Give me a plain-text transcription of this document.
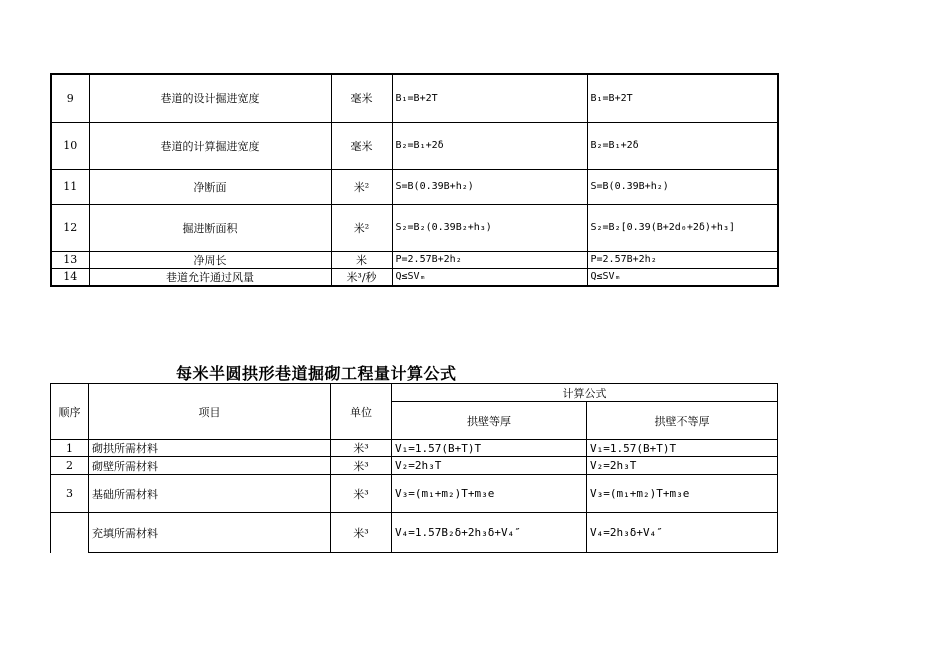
9	巷道的设计掘进宽度	毫米	B₁=B+2T	B₁=B+2T
10	巷道的计算掘进宽度	毫米	B₂=B₁+2δ	B₂=B₁+2δ
11	净断面	米²	S=B(0.39B+h₂)	S=B(0.39B+h₂)
12	掘进断面积	米²	S₂=B₂(0.39B₂+h₃)	S₂=B₂[0.39(B+2d₀+2δ)+h₃]
13	净周长	米	P=2.57B+2h₂	P=2.57B+2h₂
14	巷道允许通过风量	米³/秒	Q≤SVₘ	Q≤SVₘ
每米半圆拱形巷道掘砌工程量计算公式
顺序	项目	单位	计算公式	
			拱壁等厚	拱壁不等厚
1	砌拱所需材料	米³	V₁=1.57(B+T)T	V₁=1.57(B+T)T
2	砌壁所需材料	米³	V₂=2h₃T	V₂=2h₃T
3	基础所需材料	米³	V₃=(m₁+m₂)T+m₃e	V₃=(m₁+m₂)T+m₃e
	充填所需材料	米³	V₄=1.57B₂δ+2h₃δ+V₄″	V₄=2h₃δ+V₄″
